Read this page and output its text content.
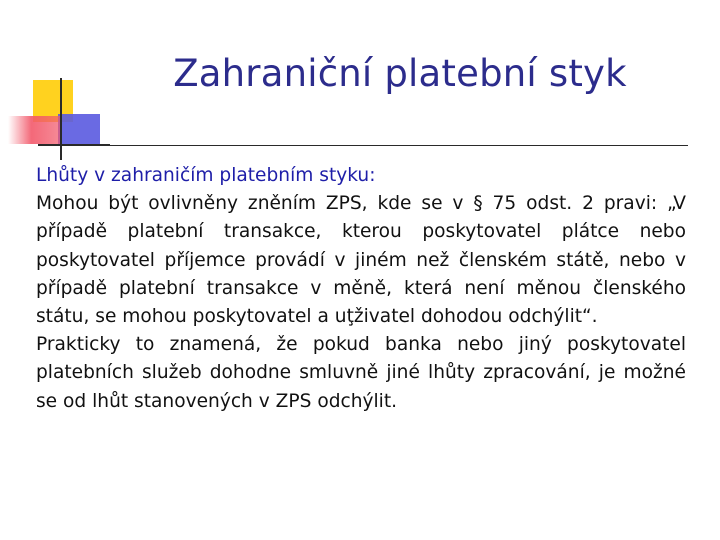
Zahraniční platební styk

Lhůty v zahraničím platebním styku:

Mohou být ovlivněny zněním ZPS, kde se v § 75 odst. 2 pravi: „V případě platební transakce, kterou poskytovatel plátce nebo poskytovatel příjemce provádí v jiném než členském státě, nebo v případě platební transakce v měně, která není měnou členského státu, se mohou poskytovatel a uţživatel dohodou odchýlit“.

Prakticky to znamená, že pokud banka nebo jiný poskytovatel platebních služeb dohodne smluvně jiné lhůty zpracování, je možné se od lhůt stanovených v ZPS odchýlit.
